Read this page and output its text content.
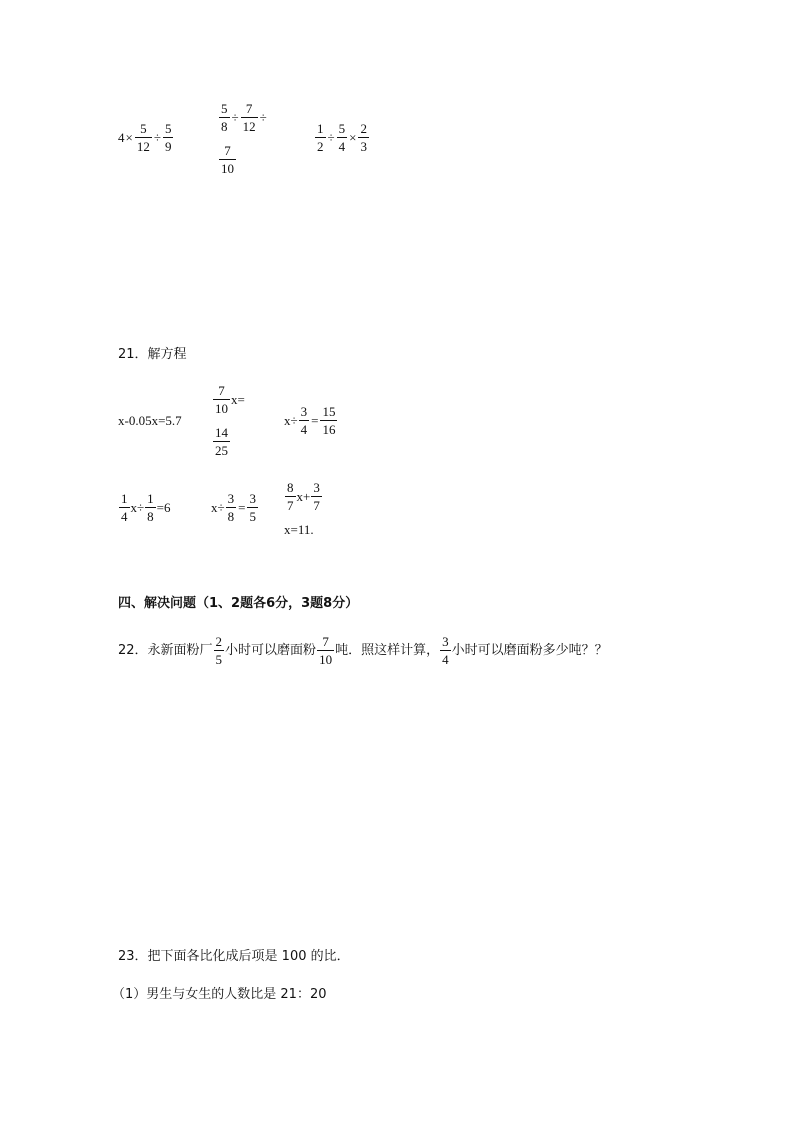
$4 \times \frac{5}{12} \div \frac{5}{9}$
$\frac{5}{8} \div \frac{7}{12}$ ÷
$\frac{7}{10}$
$\frac{1}{2} \div \frac{5}{4} \times \frac{2}{3}$
21．解方程
x-0.05x=5.7
$\frac{7}{10} x=$
$\frac{14}{25}$
$x\div \frac{3}{4} = \frac{15}{16}$
$\frac{1}{4} x\div \frac{1}{8} =6$	$x\div \frac{3}{8} = \frac{3}{5} \frac{8}{7} x+ \frac{3}{7}$
x=11.
四、解决问题（1、2题各6分，3题8分）
22．永新面粉厂 $\frac{2}{5}$ 小时可以磨面粉 $\frac{7}{10}$ 吨．照这样计算， $\frac{3}{4}$ 小时可以磨面粉多少吨？？
23．把下面各比化成后项是 100 的比．
（1）男生与女生的人数比是 21：20
